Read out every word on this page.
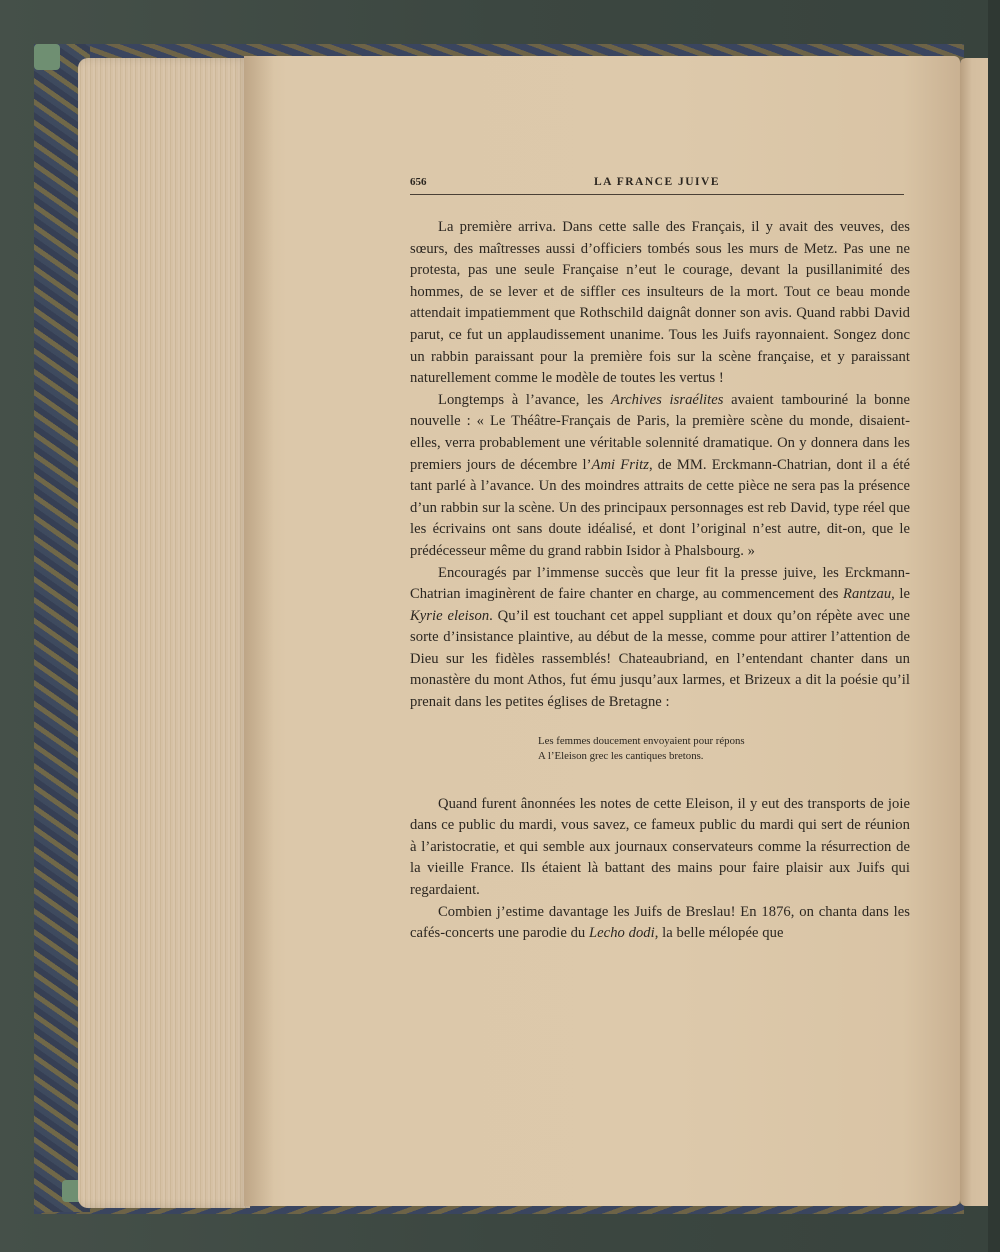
656	LA FRANCE JUIVE

La première arriva. Dans cette salle des Français, il y avait des veuves, des sœurs, des maîtresses aussi d’officiers tombés sous les murs de Metz. Pas une ne protesta, pas une seule Française n’eut le courage, devant la pusillanimité des hommes, de se lever et de siffler ces insulteurs de la mort. Tout ce beau monde attendait impatiemment que Rothschild daignât donner son avis. Quand rabbi David parut, ce fut un applaudissement unanime. Tous les Juifs rayonnaient. Songez donc un rabbin paraissant pour la première fois sur la scène française, et y paraissant naturellement comme le modèle de toutes les vertus !

Longtemps à l’avance, les Archives israélites avaient tambouriné la bonne nouvelle : « Le Théâtre-Français de Paris, la première scène du monde, disaient-elles, verra probablement une véritable solennité dramatique. On y donnera dans les premiers jours de décembre l’Ami Fritz, de MM. Erckmann-Chatrian, dont il a été tant parlé à l’avance. Un des moindres attraits de cette pièce ne sera pas la présence d’un rabbin sur la scène. Un des principaux personnages est reb David, type réel que les écrivains ont sans doute idéalisé, et dont l’original n’est autre, dit-on, que le prédécesseur même du grand rabbin Isidor à Phalsbourg. »

Encouragés par l’immense succès que leur fit la presse juive, les Erckmann-Chatrian imaginèrent de faire chanter en charge, au commencement des Rantzau, le Kyrie eleison. Qu’il est touchant cet appel suppliant et doux qu’on répète avec une sorte d’insistance plaintive, au début de la messe, comme pour attirer l’attention de Dieu sur les fidèles rassemblés! Chateaubriand, en l’entendant chanter dans un monastère du mont Athos, fut ému jusqu’aux larmes, et Brizeux a dit la poésie qu’il prenait dans les petites églises de Bretagne :

Les femmes doucement envoyaient pour répons
A l’Eleison grec les cantiques bretons.

Quand furent ânonnées les notes de cette Eleison, il y eut des transports de joie dans ce public du mardi, vous savez, ce fameux public du mardi qui sert de réunion à l’aristocratie, et qui semble aux journaux conservateurs comme la résurrection de la vieille France. Ils étaient là battant des mains pour faire plaisir aux Juifs qui regardaient.

Combien j’estime davantage les Juifs de Breslau! En 1876, on chanta dans les cafés-concerts une parodie du Lecho dodi, la belle mélopée que
